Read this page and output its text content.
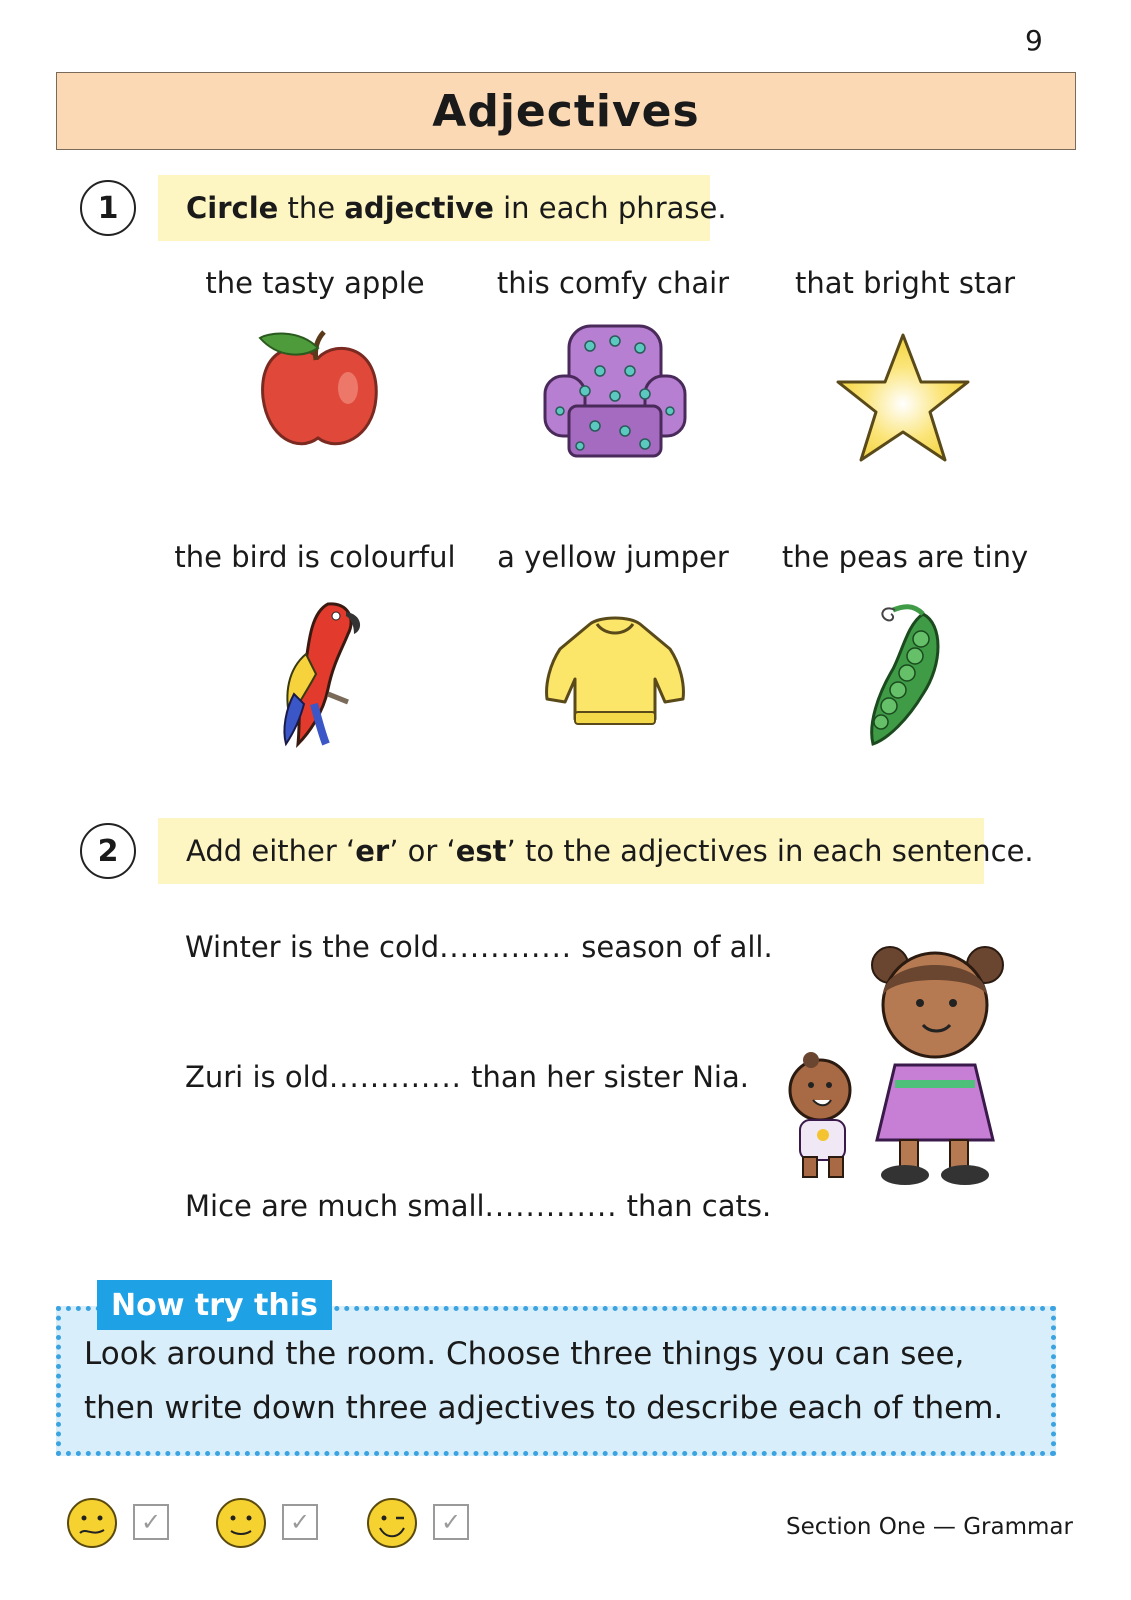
9
Adjectives
1	Circle the adjective in each phrase.
the tasty apple	this comfy chair	that bright star
the bird is colourful	a yellow jumper	the peas are tiny
2	Add either ‘ er ’ or ‘ est ’ to the adjectives in each sentence.
Winter is the cold............. season of all.
Zuri is old............. than her sister Nia.
Mice are much small............. than cats.
Now try this
Look around the room. Choose three things you can see,
then write down three adjectives to describe each of them.
✓	✓	✓	Section One — Grammar
